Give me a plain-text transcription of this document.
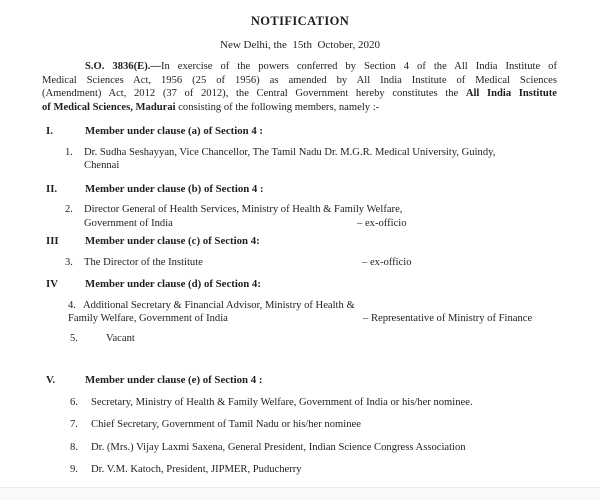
NOTIFICATION
New Delhi, the  15th  October, 2020
S.O. 3836(E).—In exercise of the powers conferred by Section 4 of the All India Institute of
Medical Sciences Act, 1956 (25 of 1956) as amended by All India Institute of Medical Sciences
(Amendment) Act, 2012 (37 of 2012), the Central Government hereby constitutes the All India Institute
of Medical Sciences, Madurai consisting of the following members, namely :-
I.	Member under clause (a) of Section 4 :
1. Dr. Sudha Seshayyan, Vice Chancellor, The Tamil Nadu Dr. M.G.R. Medical University, Guindy,
Chennai
II.	Member under clause (b) of Section 4 :
2. Director General of Health Services, Ministry of Health & Family Welfare,
Government of India	– ex-officio
III Member under clause (c) of Section 4:
3. The Director of the Institute	– ex-officio
IV	Member under clause (d) of Section 4:
4. Additional Secretary & Financial Advisor, Ministry of Health &
Family Welfare, Government of India	– Representative of Ministry of Finance
5.	Vacant
V.	Member under clause (e) of Section 4 :
6. Secretary, Ministry of Health & Family Welfare, Government of India or his/her nominee.
7. Chief Secretary, Government of Tamil Nadu or his/her nominee
8. Dr. (Mrs.) Vijay Laxmi Saxena, General President, Indian Science Congress Association
9. Dr. V.M. Katoch, President, JIPMER, Puducherry
